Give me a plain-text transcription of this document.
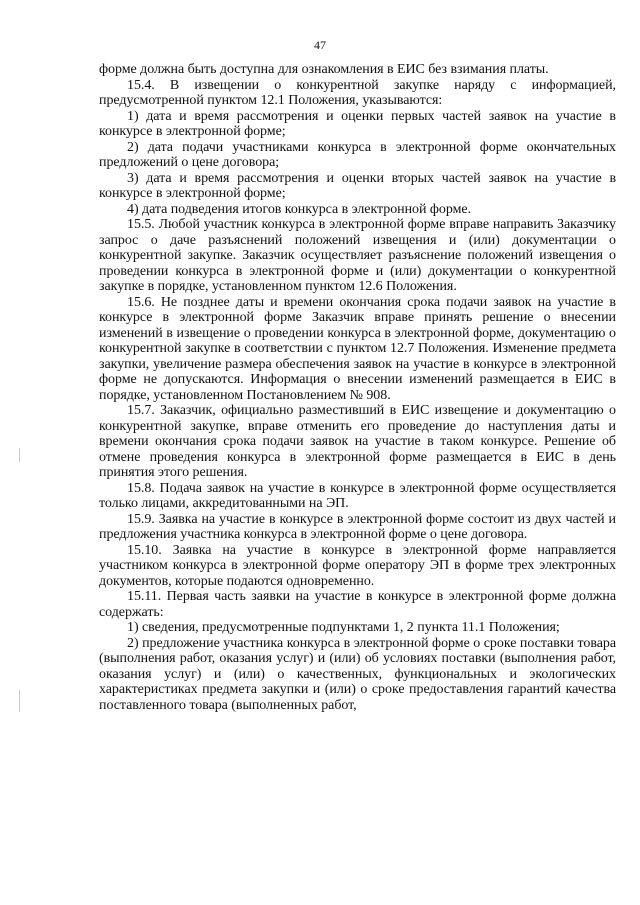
47

форме должна быть доступна для ознакомления в ЕИС без взимания платы.

15.4. В извещении о конкурентной закупке наряду с информацией, предусмотренной пунктом 12.1 Положения, указываются:

1) дата и время рассмотрения и оценки первых частей заявок на участие в конкурсе в электронной форме;

2) дата подачи участниками конкурса в электронной форме окончательных предложений о цене договора;

3) дата и время рассмотрения и оценки вторых частей заявок на участие в конкурсе в электронной форме;

4) дата подведения итогов конкурса в электронной форме.

15.5. Любой участник конкурса в электронной форме вправе направить Заказчику запрос о даче разъяснений положений извещения и (или) документации о конкурентной закупке. Заказчик осуществляет разъяснение положений извещения о проведении конкурса в электронной форме и (или) документации о конкурентной закупке в порядке, установленном пунктом 12.6 Положения.

15.6. Не позднее даты и времени окончания срока подачи заявок на участие в конкурсе в электронной форме Заказчик вправе принять решение о внесении изменений в извещение о проведении конкурса в электронной форме, документацию о конкурентной закупке в соответствии с пунктом 12.7 Положения. Изменение предмета закупки, увеличение размера обеспечения заявок на участие в конкурсе в электронной форме не допускаются. Информация о внесении изменений размещается в ЕИС в порядке, установленном Постановлением № 908.

15.7. Заказчик, официально разместивший в ЕИС извещение и документацию о конкурентной закупке, вправе отменить его проведение до наступления даты и времени окончания срока подачи заявок на участие в таком конкурсе. Решение об отмене проведения конкурса в электронной форме размещается в ЕИС в день принятия этого решения.

15.8. Подача заявок на участие в конкурсе в электронной форме осуществляется только лицами, аккредитованными на ЭП.

15.9. Заявка на участие в конкурсе в электронной форме состоит из двух частей и предложения участника конкурса в электронной форме о цене договора.

15.10. Заявка на участие в конкурсе в электронной форме направляется участником конкурса в электронной форме оператору ЭП в форме трех электронных документов, которые подаются одновременно.

15.11. Первая часть заявки на участие в конкурсе в электронной форме должна содержать:

1) сведения, предусмотренные подпунктами 1, 2 пункта 11.1 Положения;

2) предложение участника конкурса в электронной форме о сроке поставки товара (выполнения работ, оказания услуг) и (или) об условиях поставки (выполнения работ, оказания услуг) и (или) о качественных, функциональных и экологических характеристиках предмета закупки и (или) о сроке предоставления гарантий качества поставленного товара (выполненных работ,
